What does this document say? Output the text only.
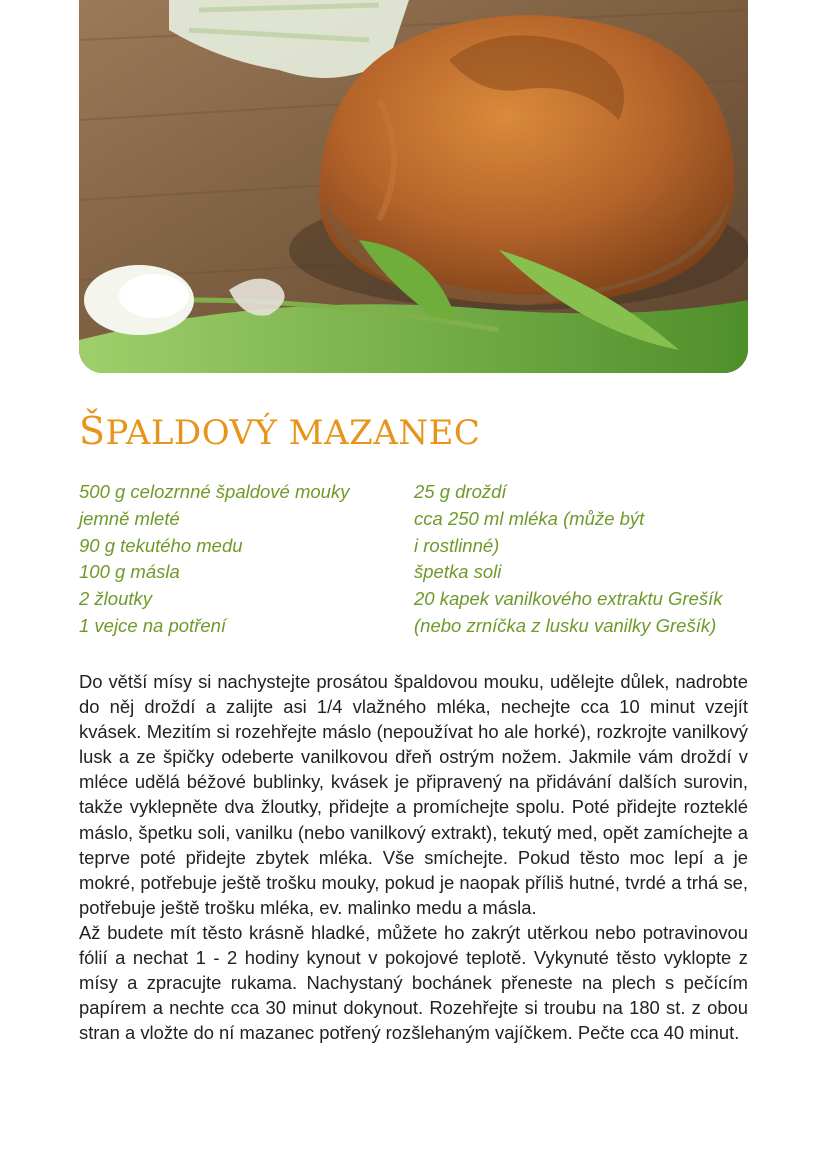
ŠPALDOVÝ MAZANEC
500 g celozrnné špaldové mouky
jemně mleté
90 g tekutého medu
100 g másla
2 žloutky
1 vejce na potření
25 g droždí
cca 250 ml mléka (může být
i rostlinné)
špetka soli
20 kapek vanilkového extraktu Grešík
(nebo zrníčka z lusku vanilky Grešík)

Do větší mísy si nachystejte prosátou špaldovou mouku, udělejte důlek, nadrobte do něj droždí a zalijte asi 1/4 vlažného mléka, nechejte cca 10 minut vzejít kvásek. Mezitím si rozehřejte máslo (nepoužívat ho ale horké), rozkrojte vanilkový lusk a ze špičky odeberte vanilkovou dřeň ostrým nožem. Jakmile vám droždí v mléce udělá béžové bublinky, kvásek je připravený na přidávání dalších surovin, takže vyklepněte dva žloutky, přidejte a promíchejte spolu. Poté přidejte rozteklé máslo, špetku soli, vanilku (nebo vanilkový extrakt), tekutý med, opět zamíchejte a teprve poté přidejte zbytek mléka. Vše smíchejte. Pokud těsto moc lepí a je mokré, potřebuje ještě trošku mouky, pokud je naopak příliš hutné, tvrdé a trhá se, potřebuje ještě trošku mléka, ev. malinko medu a másla.

Až budete mít těsto krásně hladké, můžete ho zakrýt utěrkou nebo potravinovou fólií a nechat 1 - 2 hodiny kynout v pokojové teplotě. Vykynuté těsto vyklopte z mísy a zpracujte rukama. Nachystaný bochánek přeneste na plech s pečícím papírem a nechte cca 30 minut dokynout. Rozehřejte si troubu na 180 st. z obou stran a vložte do ní mazanec potřený rozšlehaným vajíčkem. Pečte cca 40 minut.
